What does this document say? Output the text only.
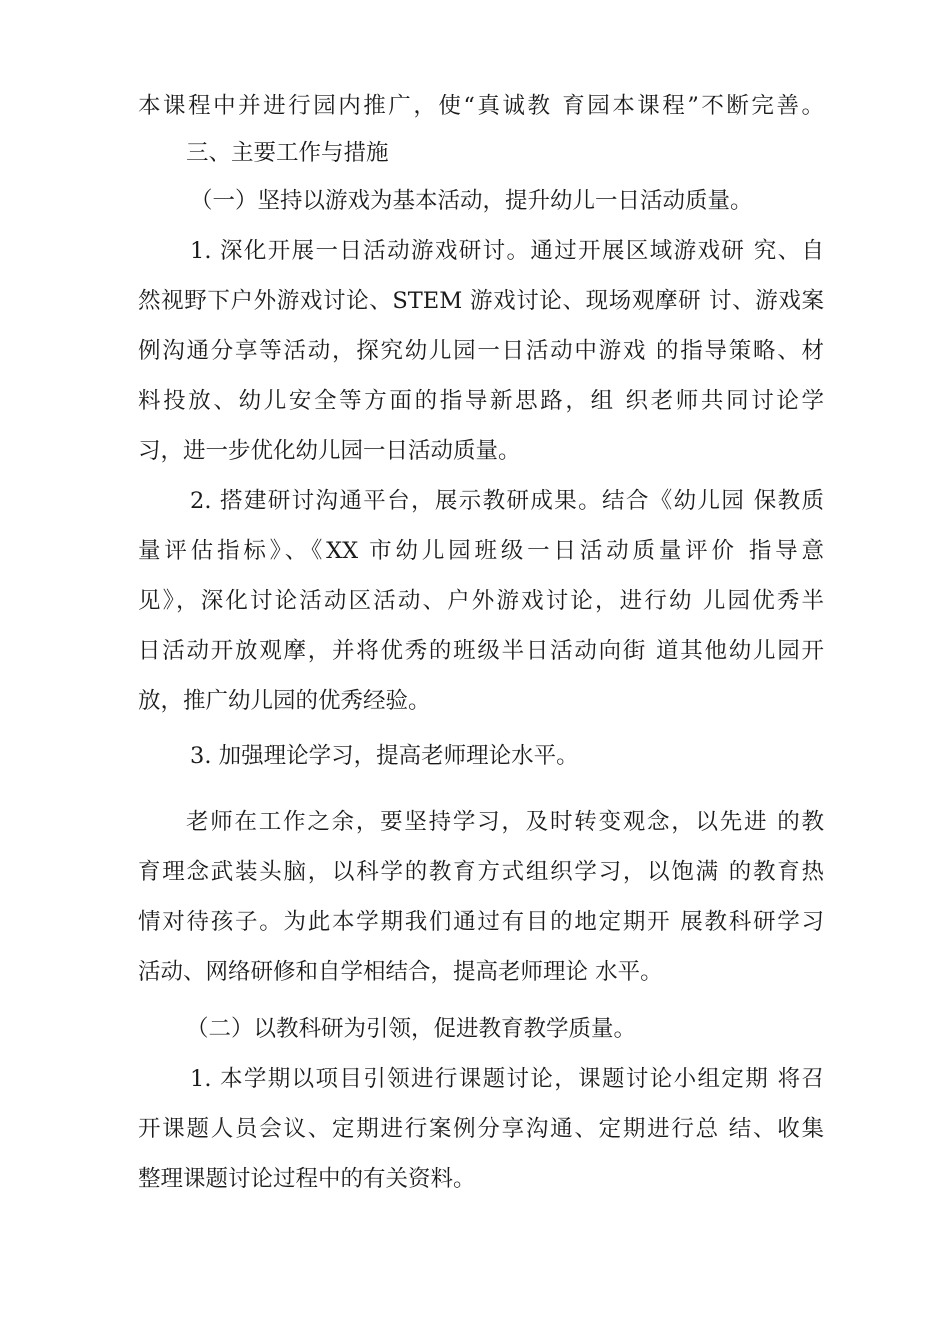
本课程中并进行园内推广，使“真诚教 育园本课程”不断完善。

三、主要工作与措施

（一）坚持以游戏为基本活动，提升幼儿一日活动质量。

1. 深化开展一日活动游戏研讨。通过开展区域游戏研 究、自

然视野下户外游戏讨论、STEM 游戏讨论、现场观摩研 讨、游戏案

例沟通分享等活动，探究幼儿园一日活动中游戏 的指导策略、材

料投放、幼儿安全等方面的指导新思路，组 织老师共同讨论学

习，进一步优化幼儿园一日活动质量。

2. 搭建研讨沟通平台，展示教研成果。结合《幼儿园 保教质

量评估指标》、《XX 市幼儿园班级一日活动质量评价 指导意

见》，深化讨论活动区活动、户外游戏讨论，进行幼 儿园优秀半

日活动开放观摩，并将优秀的班级半日活动向街 道其他幼儿园开

放，推广幼儿园的优秀经验。

3. 加强理论学习，提高老师理论水平。

老师在工作之余，要坚持学习，及时转变观念，以先进 的教

育理念武装头脑，以科学的教育方式组织学习，以饱满 的教育热

情对待孩子。为此本学期我们通过有目的地定期开 展教科研学习

活动、网络研修和自学相结合，提高老师理论 水平。

（二）以教科研为引领，促进教育教学质量。

1. 本学期以项目引领进行课题讨论，课题讨论小组定期 将召

开课题人员会议、定期进行案例分享沟通、定期进行总 结、收集

整理课题讨论过程中的有关资料。
